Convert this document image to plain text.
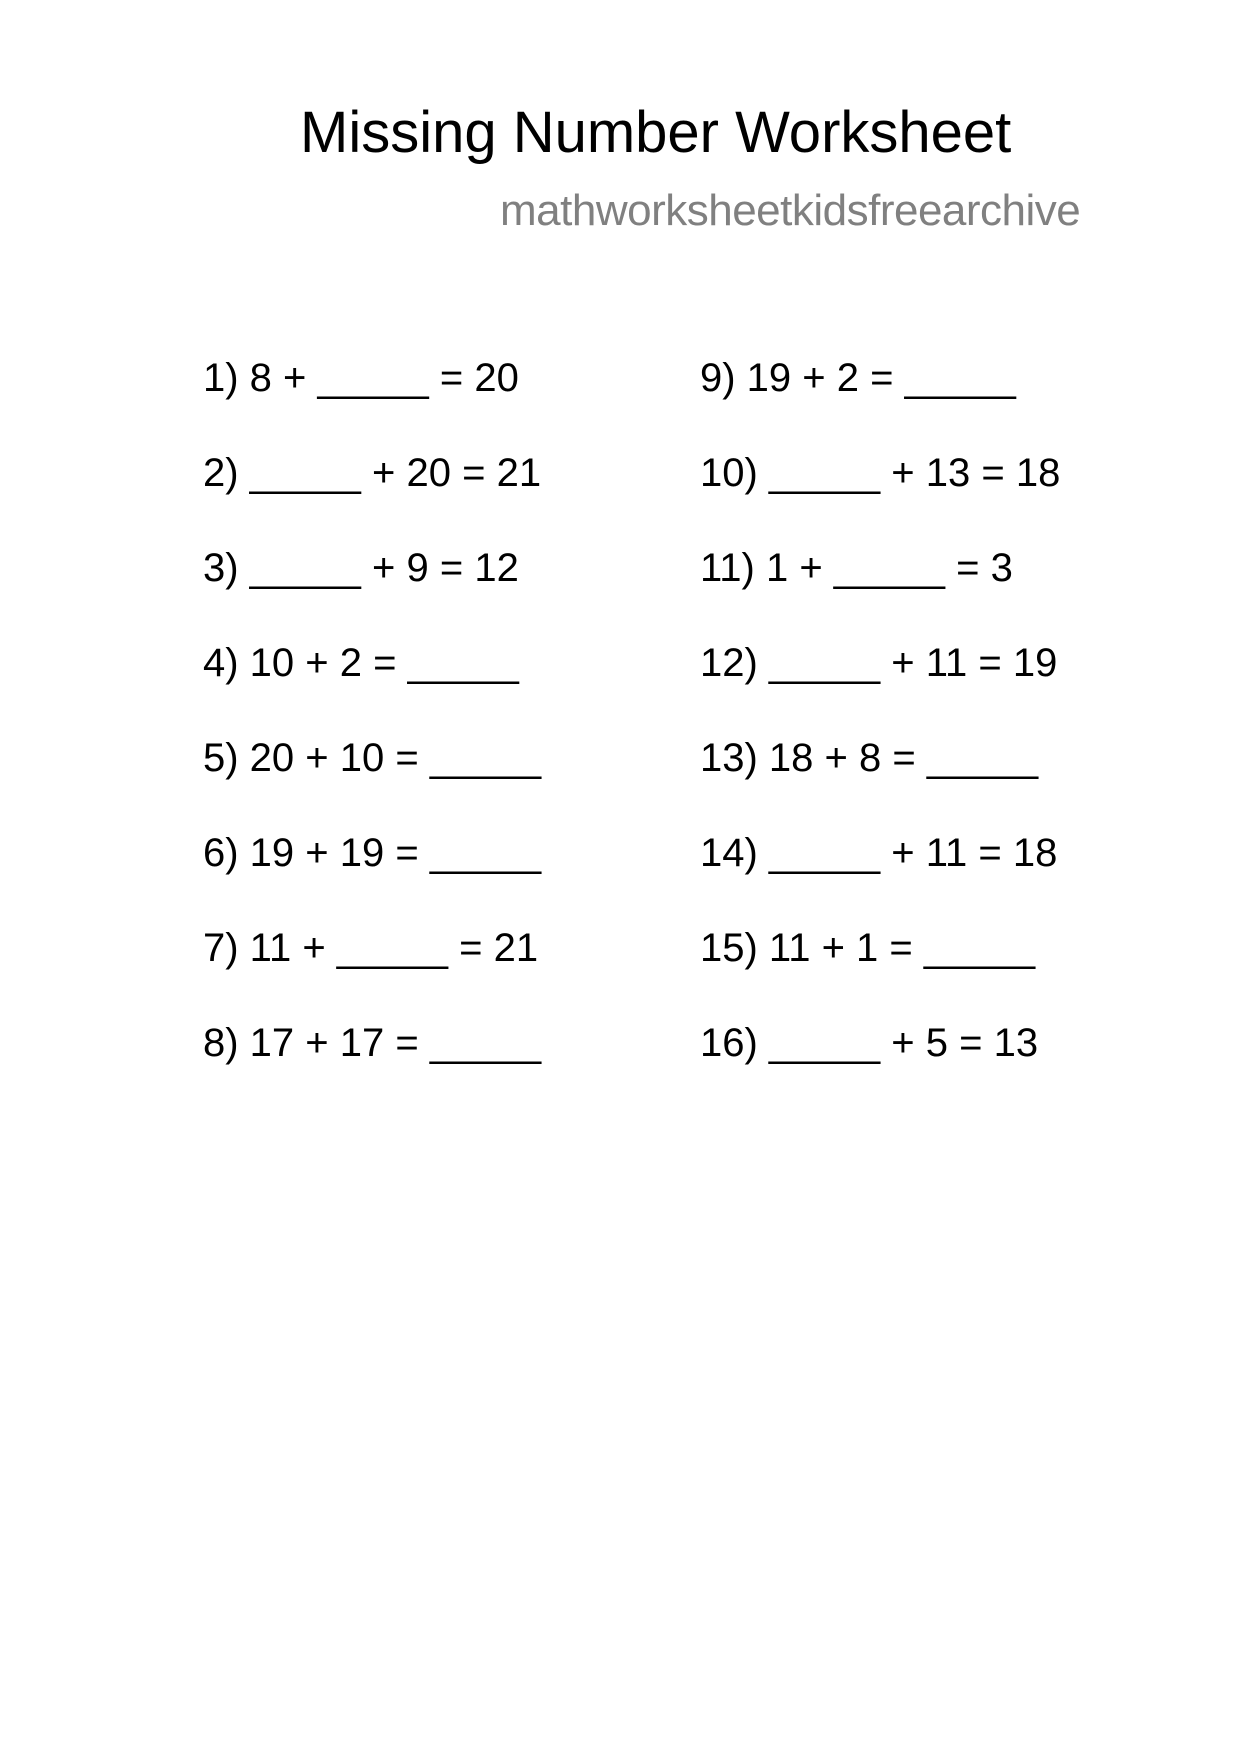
Missing Number Worksheet
mathworksheetkidsfreearchive
1) 8 + _____ = 20
2) _____ + 20 = 21
3) _____ + 9 = 12
4) 10 + 2 = _____
5) 20 + 10 = _____
6) 19 + 19 = _____
7) 11 + _____ = 21
8) 17 + 17 = _____
9) 19 + 2 = _____
10) _____ + 13 = 18
11) 1 + _____ = 3
12) _____ + 11 = 19
13) 18 + 8 = _____
14) _____ + 11 = 18
15) 11 + 1 = _____
16) _____ + 5 = 13
